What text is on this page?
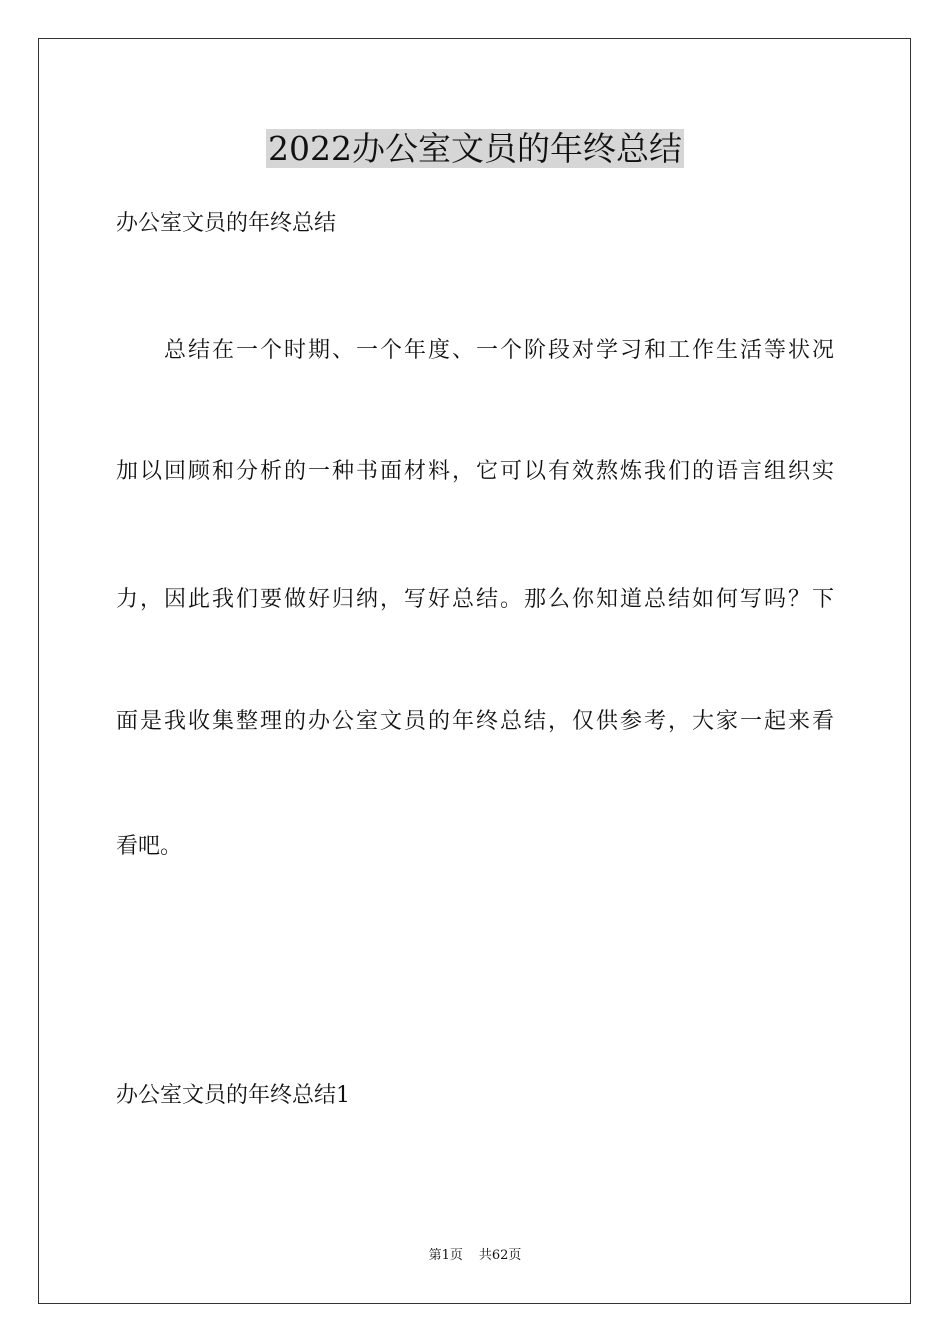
2022办公室文员的年终总结
办公室文员的年终总结
总结在一个时期、一个年度、一个阶段对学习和工作生活等状况
加以回顾和分析的一种书面材料，它可以有效熬炼我们的语言组织实
力，因此我们要做好归纳，写好总结。那么你知道总结如何写吗？下
面是我收集整理的办公室文员的年终总结，仅供参考，大家一起来看
看吧。
办公室文员的年终总结1
第1页 共62页
